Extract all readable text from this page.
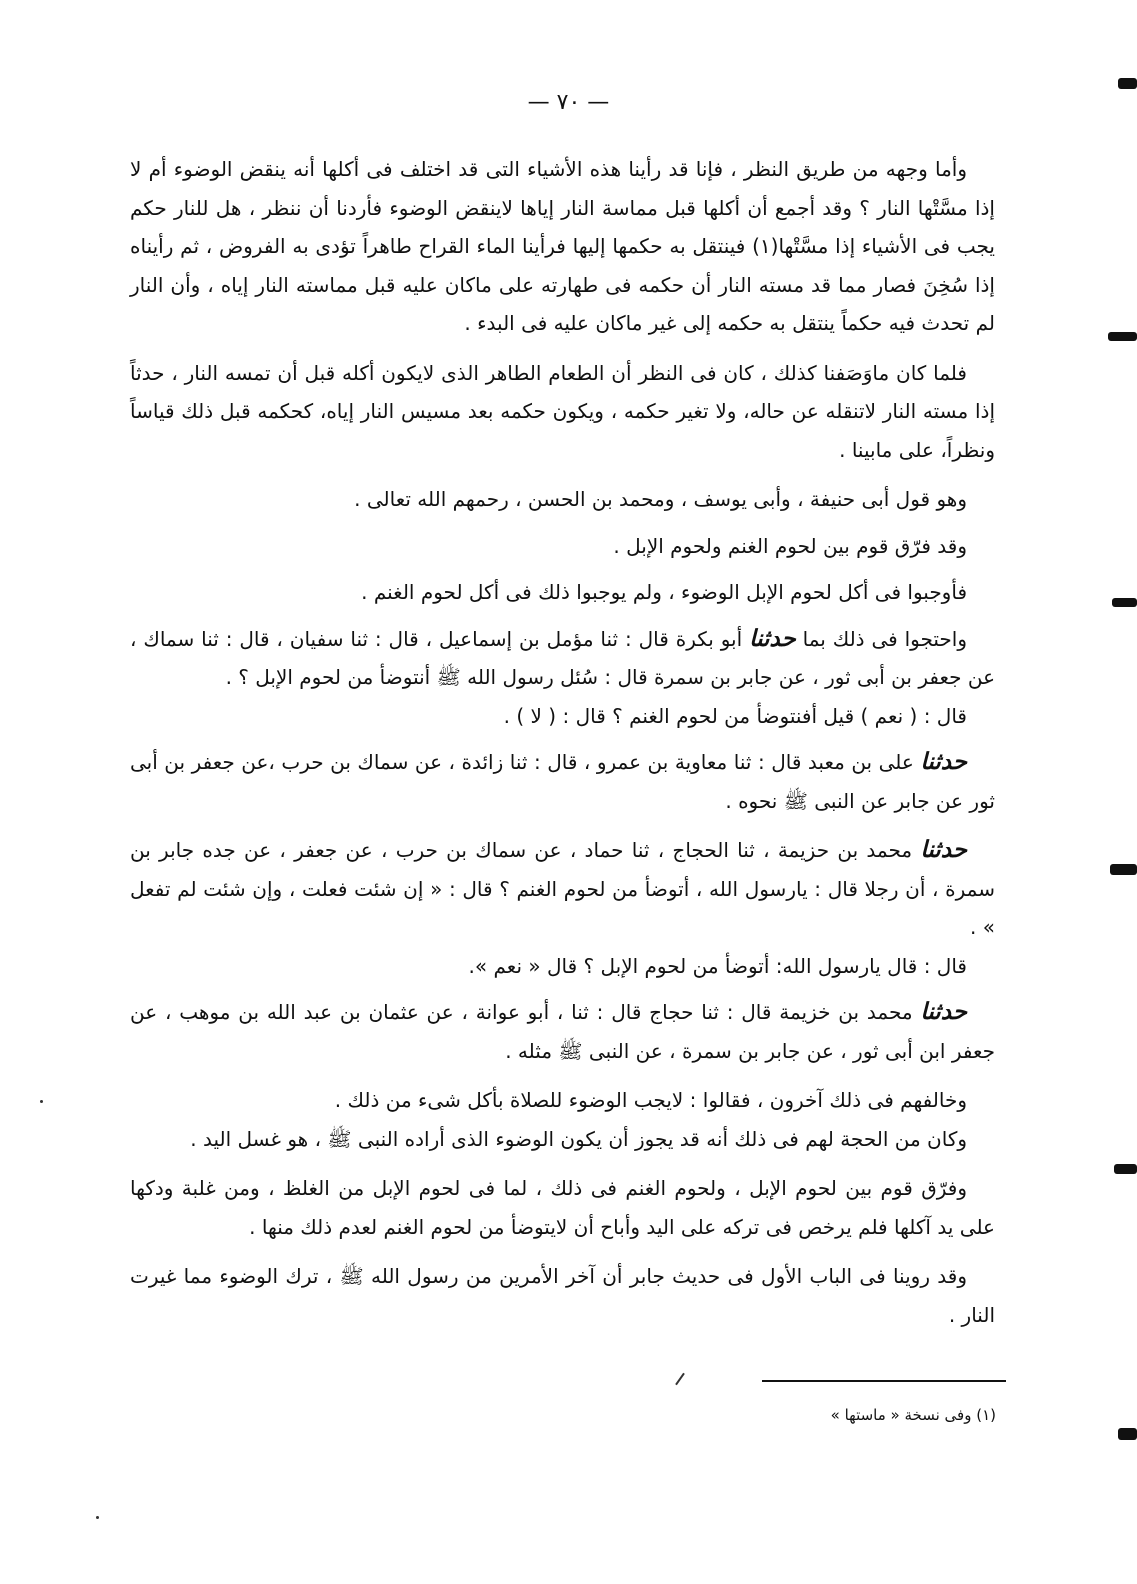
— ٧٠ —

وأما وجهه من طريق النظر ، فإنا قد رأينا هذه الأشياء التى قد اختلف فى أكلها أنه ينقض الوضوء أم لا إذا مسَّتْها النار ؟ وقد أجمع أن أكلها قبل مماسة النار إياها لاينقض الوضوء فأردنا أن ننظر ، هل للنار حكم يجب فى الأشياء إذا مسَّتْها(١) فينتقل به حكمها إليها فرأينا الماء القراح طاهراً تؤدى به الفروض ، ثم رأيناه إذا سُخِنَ فصار مما قد مسته النار أن حكمه فى طهارته على ماكان عليه قبل مماسته النار إياه ، وأن النار لم تحدث فيه حكماً ينتقل به حكمه إلى غير ماكان عليه فى البدء .

فلما كان ماوَصَفنا كذلك ، كان فى النظر أن الطعام الطاهر الذى لايكون أكله قبل أن تمسه النار ، حدثاً إذا مسته النار لاتنقله عن حاله، ولا تغير حكمه ، ويكون حكمه بعد مسيس النار إياه، كحكمه قبل ذلك قياساً ونظراً، على مابينا .

وهو قول أبى حنيفة ، وأبى يوسف ، ومحمد بن الحسن ، رحمهم الله تعالى .

وقد فرّق قوم بين لحوم الغنم ولحوم الإبل .

فأوجبوا فى أكل لحوم الإبل الوضوء ، ولم يوجبوا ذلك فى أكل لحوم الغنم .

واحتجوا فى ذلك بما حدثنا أبو بكرة قال : ثنا مؤمل بن إسماعيل ، قال : ثنا سفيان ، قال : ثنا سماك ، عن جعفر بن أبى ثور ، عن جابر بن سمرة قال : سُئل رسول الله ﷺ أنتوضأ من لحوم الإبل ؟ .

قال : ( نعم ) قيل أفنتوضأ من لحوم الغنم ؟ قال : ( لا ) .

حدثنا على بن معبد قال : ثنا معاوية بن عمرو ، قال : ثنا زائدة ، عن سماك بن حرب ،عن جعفر بن أبى ثور عن جابر عن النبى ﷺ نحوه .

حدثنا محمد بن حزيمة ، ثنا الحجاج ، ثنا حماد ، عن سماك بن حرب ، عن جعفر ، عن جده جابر بن سمرة ، أن رجلا قال : يارسول الله ، أتوضأ من لحوم الغنم ؟ قال : « إن شئت فعلت ، وإن شئت لم تفعل » .

قال : قال يارسول الله: أتوضأ من لحوم الإبل ؟ قال « نعم ».

حدثنا محمد بن خزيمة قال : ثنا حجاج قال : ثنا ، أبو عوانة ، عن عثمان بن عبد الله بن موهب ، عن جعفر ابن أبى ثور ، عن جابر بن سمرة ، عن النبى ﷺ مثله .

وخالفهم فى ذلك آخرون ، فقالوا : لايجب الوضوء للصلاة بأكل شىء من ذلك .

وكان من الحجة لهم فى ذلك أنه قد يجوز أن يكون الوضوء الذى أراده النبى ﷺ ، هو غسل اليد .

وفرّق قوم بين لحوم الإبل ، ولحوم الغنم فى ذلك ، لما فى لحوم الإبل من الغلظ ، ومن غلبة ودكها على يد آكلها فلم يرخص فى تركه على اليد وأباح أن لايتوضأ من لحوم الغنم لعدم ذلك منها .

وقد روينا فى الباب الأول فى حديث جابر أن آخر الأمرين من رسول الله ﷺ ، ترك الوضوء مما غيرت النار .

(١) وفى نسخة « ماستها »
